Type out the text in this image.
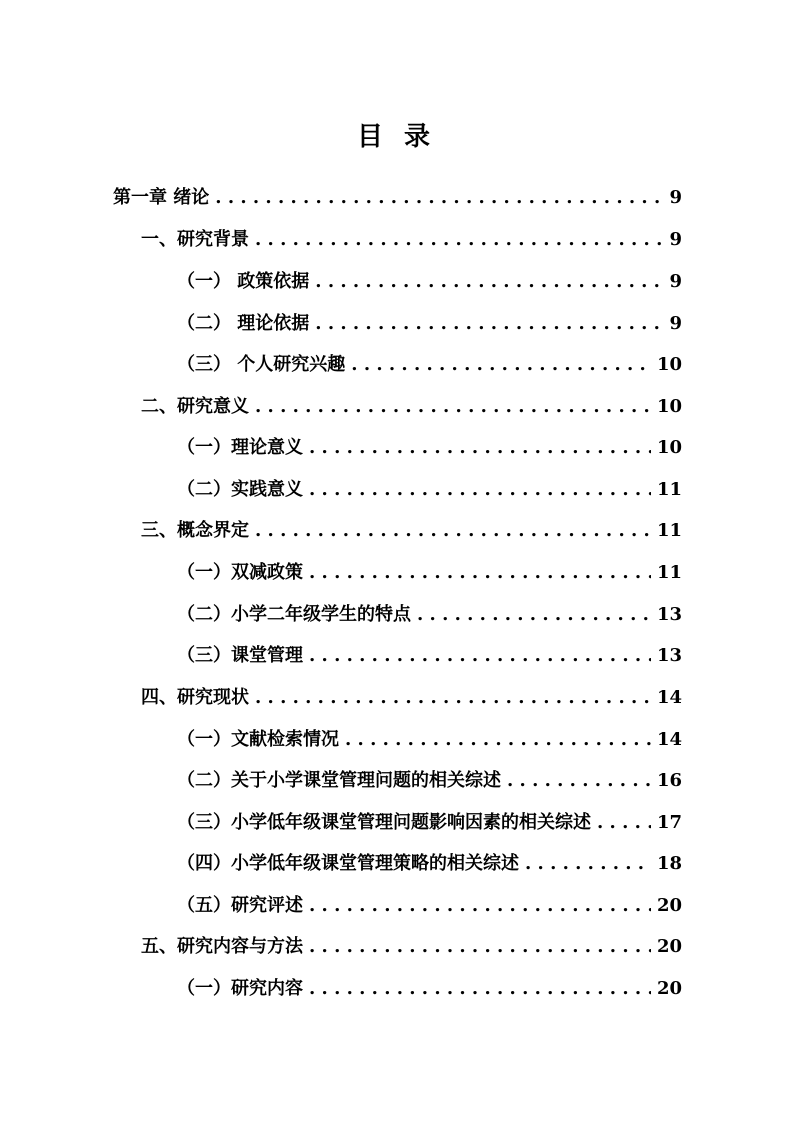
目 录
第一章 绪论 . . .	9
一、研究背景 . . .	9
（一） 政策依据 . . .	9
（二） 理论依据 . . .	9
（三） 个人研究兴趣 . . .	10
二、研究意义 . . .	10
（一）理论意义 . . .	10
（二）实践意义 . . .	11
三、概念界定 . . .	11
（一）双减政策 . . .	11
（二）小学二年级学生的特点 . . .	13
（三）课堂管理 . . .	13
四、研究现状 . . .	14
（一）文献检索情况 . . .	14
（二）关于小学课堂管理问题的相关综述 . . .	16
（三）小学低年级课堂管理问题影响因素的相关综述 . . .	17
（四）小学低年级课堂管理策略的相关综述 . . .	18
（五）研究评述 . . .	20
五、研究内容与方法 . . .	20
（一）研究内容 . . .	20
